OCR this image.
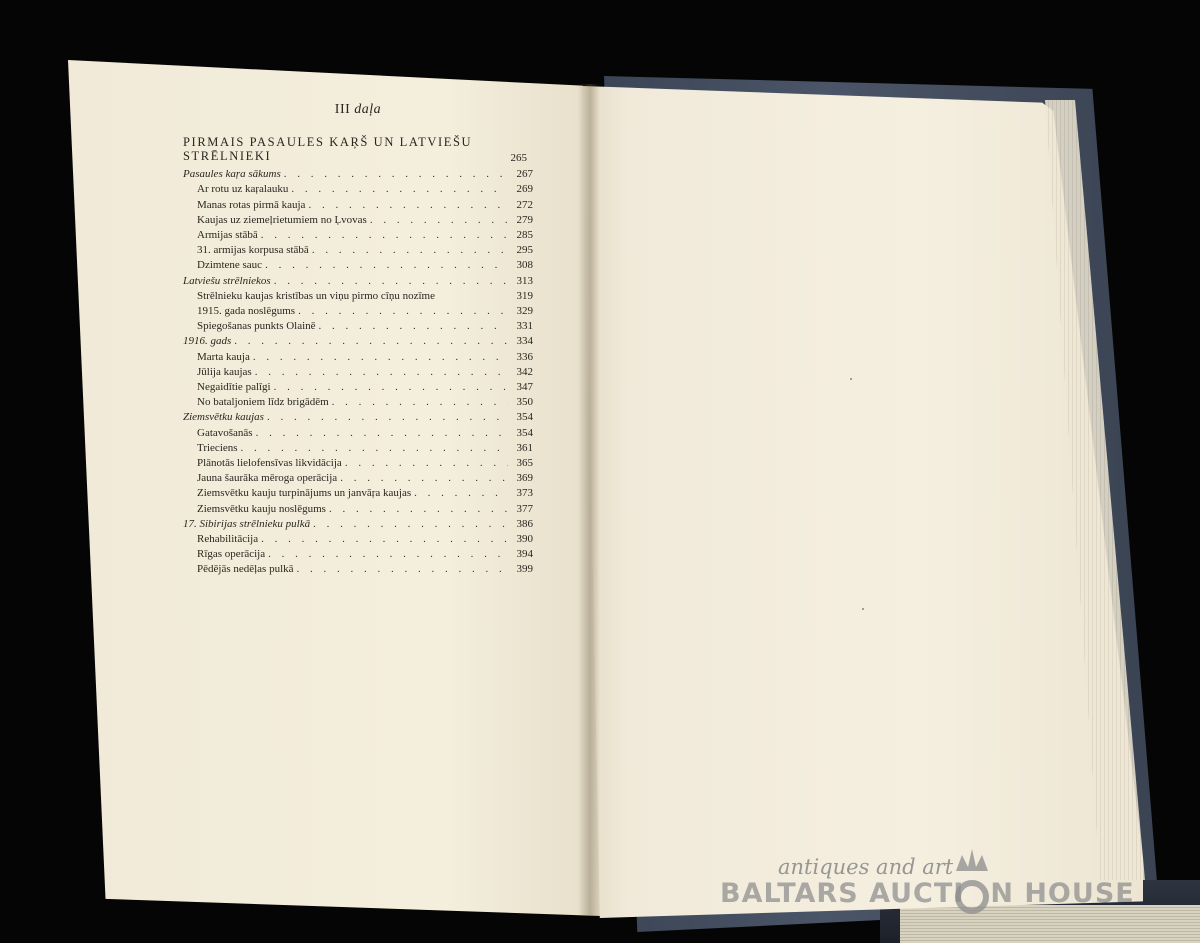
III daļa
PIRMAIS PASAULES KAŖŠ UN LATVIEŠU
STRĒLNIEKI	265
Pasaules kaŗa sākums . . .	267
Ar rotu uz kaŗalauku . . .	269
Manas rotas pirmā kauja . . .	272
Kaujas uz ziemeļrietumiem no Ļvovas . . .	279
Armijas stābā . . .	285
31. armijas korpusa stābā . . .	295
Dzimtene sauc . . .	308
Latviešu strēlniekos . . .	313
Strēlnieku kaujas kristības un viņu pirmo cīņu nozīme	319
1915. gada noslēgums . . .	329
Spiegošanas punkts Olainē . . .	331
1916. gads . . .	334
Marta kauja . . .	336
Jūlija kaujas . . .	342
Negaidītie palīgi . . .	347
No bataljoniem līdz brigādēm . . .	350
Ziemsvētku kaujas . . .	354
Gatavošanās . . .	354
Trieciens . . .	361
Plānotās lielofensīvas likvidācija . . .	365
Jauna šaurāka mēroga operācija . . .	369
Ziemsvētku kauju turpinājums un janvāŗa kaujas . . .	373
Ziemsvētku kauju noslēgums . . .	377
17. Sibirijas strēlnieku pulkā . . .	386
Rehabilitācija . . .	390
Rīgas operācija . . .	394
Pēdējās nedēļas pulkā . . .	399
antiques and art
BALTARS AUCTI N HOUSE
